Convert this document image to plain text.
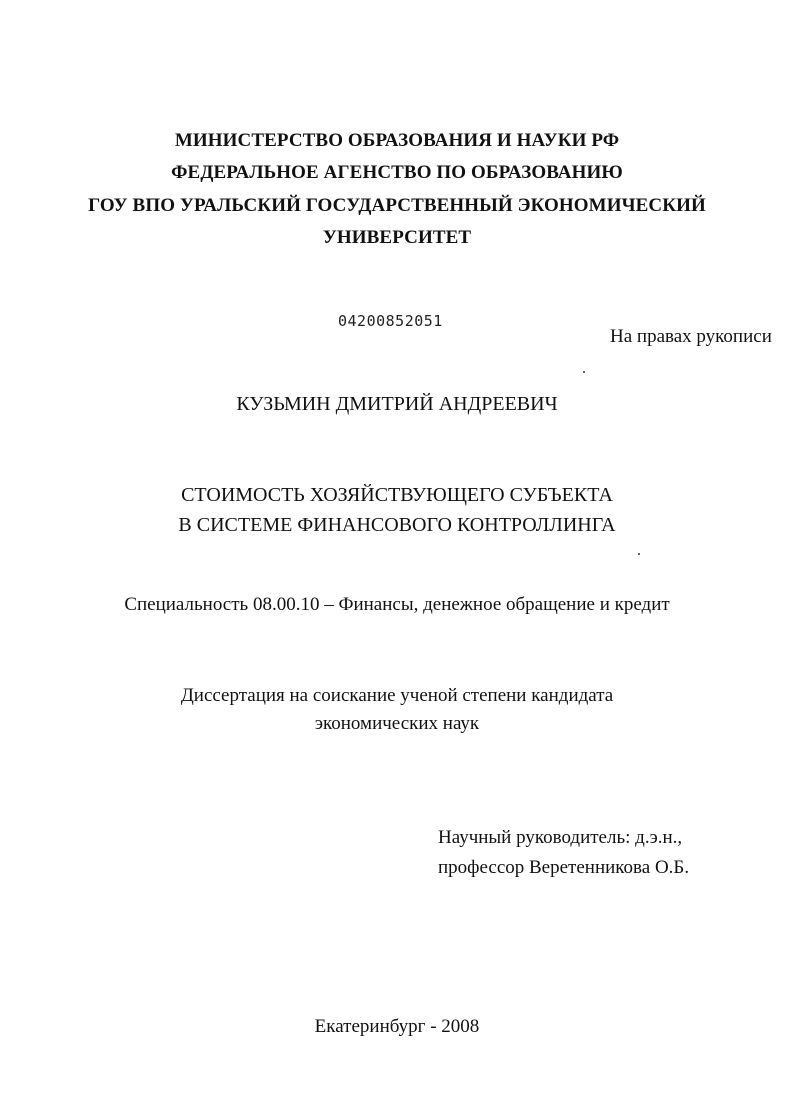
МИНИСТЕРСТВО ОБРАЗОВАНИЯ И НАУКИ РФ
ФЕДЕРАЛЬНОЕ АГЕНСТВО ПО ОБРАЗОВАНИЮ
ГОУ ВПО УРАЛЬСКИЙ ГОСУДАРСТВЕННЫЙ ЭКОНОМИЧЕСКИЙ
УНИВЕРСИТЕТ
04200852051
На правах рукописи
КУЗЬМИН ДМИТРИЙ АНДРЕЕВИЧ
СТОИМОСТЬ ХОЗЯЙСТВУЮЩЕГО СУБЪЕКТА
В СИСТЕМЕ ФИНАНСОВОГО КОНТРОЛЛИНГА
Специальность 08.00.10 – Финансы, денежное обращение и кредит
Диссертация на соискание ученой степени кандидата
экономических наук
Научный руководитель: д.э.н.,
профессор Веретенникова О.Б.
Екатеринбург - 2008
